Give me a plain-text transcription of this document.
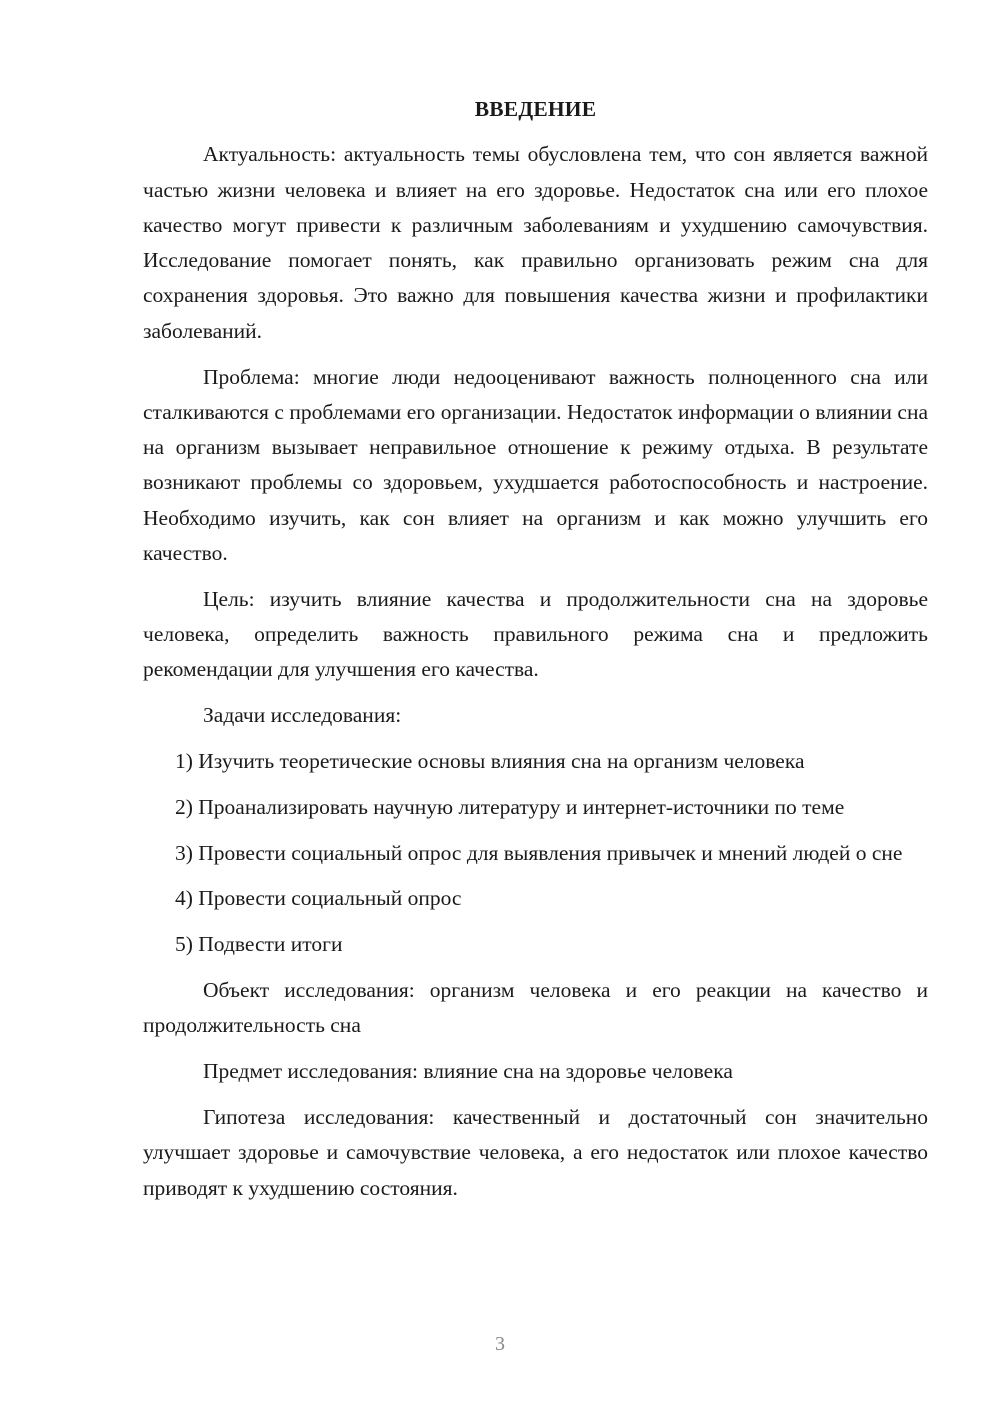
ВВЕДЕНИЕ

Актуальность: актуальность темы обусловлена тем, что сон является важной частью жизни человека и влияет на его здоровье. Недостаток сна или его плохое качество могут привести к различным заболеваниям и ухудшению самочувствия. Исследование помогает понять, как правильно организовать режим сна для сохранения здоровья. Это важно для повышения качества жизни и профилактики заболеваний.

Проблема: многие люди недооценивают важность полноценного сна или сталкиваются с проблемами его организации. Недостаток информации о влиянии сна на организм вызывает неправильное отношение к режиму отдыха. В результате возникают проблемы со здоровьем, ухудшается работоспособность и настроение. Необходимо изучить, как сон влияет на организм и как можно улучшить его качество.

Цель: изучить влияние качества и продолжительности сна на здоровье человека, определить важность правильного режима сна и предложить рекомендации для улучшения его качества.

Задачи исследования:

1) Изучить теоретические основы влияния сна на организм человека

2) Проанализировать научную литературу и интернет-источники по теме

3) Провести социальный опрос для выявления привычек и мнений людей о сне

4) Провести социальный опрос

5) Подвести итоги

Объект исследования: организм человека и его реакции на качество и продолжительность сна

Предмет исследования: влияние сна на здоровье человека

Гипотеза исследования: качественный и достаточный сон значительно улучшает здоровье и самочувствие человека, а его недостаток или плохое качество приводят к ухудшению состояния.

3
